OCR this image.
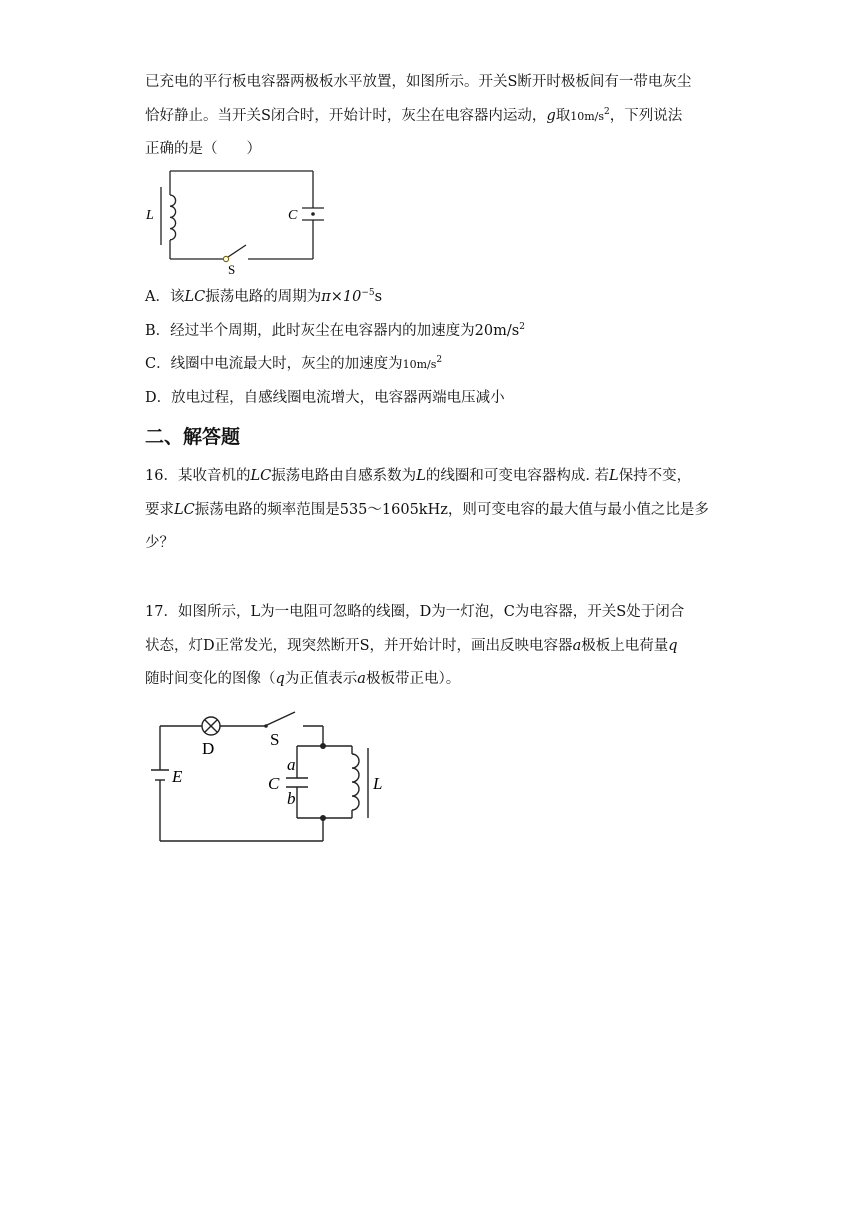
已充电的平行板电容器两极板水平放置，如图所示。开关S断开时极板间有一带电灰尘
恰好静止。当开关S闭合时，开始计时，灰尘在电容器内运动，g取$10m/s^2$，下列说法
正确的是（　　）
L	C
S
A．该LC振荡电路的周期为$\pi\times 10^{-5}s$
B．经过半个周期，此时灰尘在电容器内的加速度为$20m/s^2$
C．线圈中电流最大时，灰尘的加速度为$10m/s^2$
D．放电过程，自感线圈电流增大，电容器两端电压减小
二、解答题
16．某收音机的LC振荡电路由自感系数为L的线圈和可变电容器构成. 若L保持不变，
要求LC振荡电路的频率范围是535～1605kHz，则可变电容的最大值与最小值之比是多
少？
17．如图所示，L为一电阻可忽略的线圈，D为一灯泡，C为电容器，开关S处于闭合
状态，灯D正常发光，现突然断开S，并开始计时，画出反映电容器a极板上电荷量q
随时间变化的图像（q为正值表示a极板带正电）。
D	S
E	C
a
b
L
